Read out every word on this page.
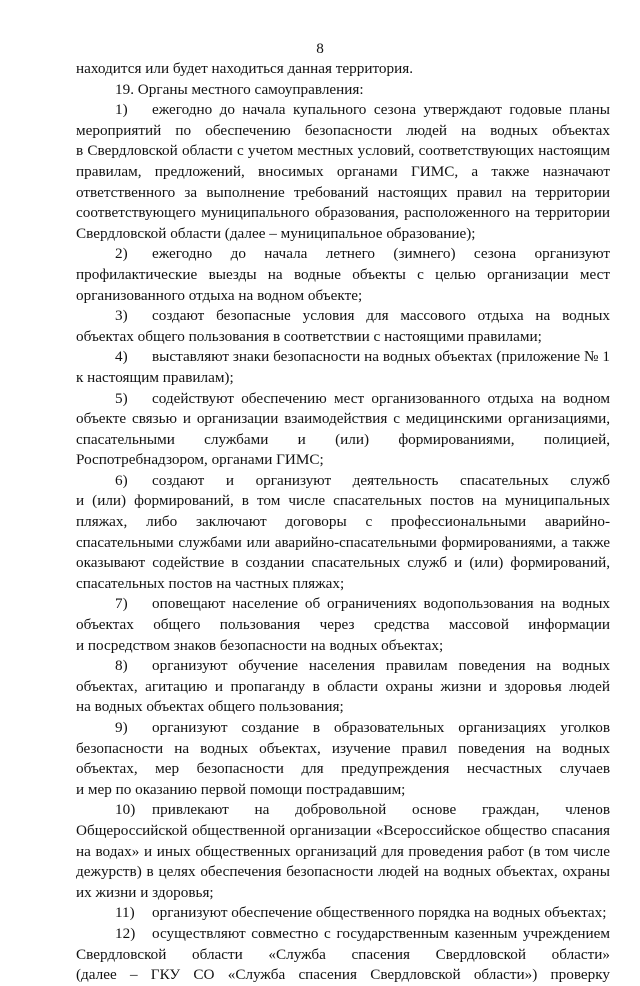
8
находится или будет находиться данная территория.
19. Органы местного самоуправления:
1)	ежегодно до начала купального сезона утверждают годовые планы
мероприятий по обеспечению безопасности людей на водных объектах
в Свердловской области с учетом местных условий, соответствующих настоящим
правилам, предложений, вносимых органами ГИМС, а также назначают
ответственного за выполнение требований настоящих правил на территории
соответствующего муниципального образования, расположенного на территории
Свердловской области (далее – муниципальное образование);
2)	ежегодно до начала летнего (зимнего) сезона организуют
профилактические выезды на водные объекты с целью организации мест
организованного отдыха на водном объекте;
3)	создают безопасные условия для массового отдыха на водных
объектах общего пользования в соответствии с настоящими правилами;
4)	выставляют знаки безопасности на водных объектах (приложение № 1
к настоящим правилам);
5)	содействуют обеспечению мест организованного отдыха на водном
объекте связью и организации взаимодействия с медицинскими организациями,
спасательными службами и (или) формированиями, полицией,
Роспотребнадзором, органами ГИМС;
6)	создают и организуют деятельность спасательных служб
и (или) формирований, в том числе спасательных постов на муниципальных
пляжах, либо заключают договоры с профессиональными аварийно-
спасательными службами или аварийно-спасательными формированиями, а также
оказывают содействие в создании спасательных служб и (или) формирований,
спасательных постов на частных пляжах;
7)	оповещают население об ограничениях водопользования на водных
объектах общего пользования через средства массовой информации
и посредством знаков безопасности на водных объектах;
8)	организуют обучение населения правилам поведения на водных
объектах, агитацию и пропаганду в области охраны жизни и здоровья людей
на водных объектах общего пользования;
9)	организуют создание в образовательных организациях уголков
безопасности на водных объектах, изучение правил поведения на водных
объектах, мер безопасности для предупреждения несчастных случаев
и мер по оказанию первой помощи пострадавшим;
10)	привлекают на добровольной основе граждан, членов
Общероссийской общественной организации «Всероссийское общество спасания
на водах» и иных общественных организаций для проведения работ (в том числе
дежурств) в целях обеспечения безопасности людей на водных объектах, охраны
их жизни и здоровья;
11)	организуют обеспечение общественного порядка на водных объектах;
12)	осуществляют совместно с государственным казенным учреждением
Свердловской области «Служба спасения Свердловской области»
(далее – ГКУ СО «Служба спасения Свердловской области») проверку
